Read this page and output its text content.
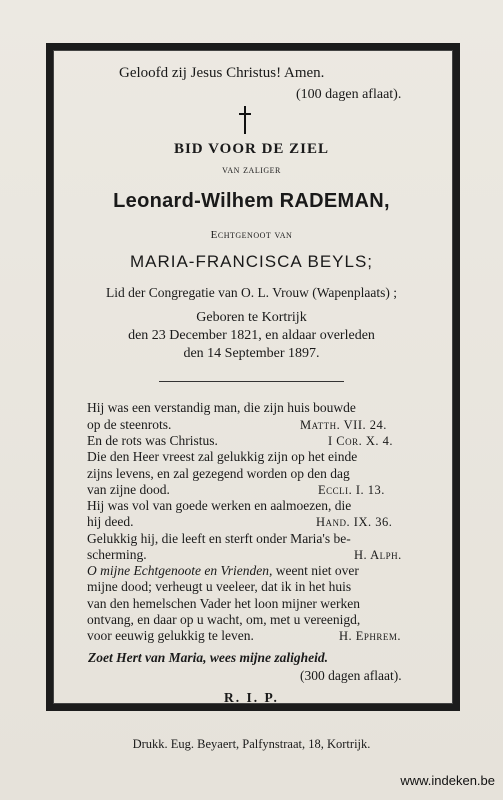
Geloofd zij Jesus Christus! Amen.
(100 dagen aflaat).
BID VOOR DE ZIEL
van zaliger
Leonard-Wilhem RADEMAN,
Echtgenoot van
MARIA-FRANCISCA BEYLS;
Lid der Congregatie van O. L. Vrouw (Wapenplaats) ;
Geboren te Kortrijk
den 23 December 1821, en aldaar overleden
den 14 September 1897.
Hij was een verstandig man, die zijn huis bouwde
op de steenrots.	Matth. VII. 24.
En de rots was Christus.	I Cor. X. 4.
Die den Heer vreest zal gelukkig zijn op het einde
zijns levens, en zal gezegend worden op den dag
van zijne dood.	Eccli. I. 13.
Hij was vol van goede werken en aalmoezen, die
hij deed.	Hand. IX. 36.
Gelukkig hij, die leeft en sterft onder Maria's be-
scherming.	H. Alph.
O mijne Echtgenoote en Vrienden, weent niet over
mijne dood; verheugt u veeleer, dat ik in het huis
van den hemelschen Vader het loon mijner werken
ontvang, en daar op u wacht, om, met u vereenigd,
voor eeuwig gelukkig te leven.	H. Ephrem.
Zoet Hert van Maria, wees mijne zaligheid.
(300 dagen aflaat).
R. I. P.
Drukk. Eug. Beyaert, Palfynstraat, 18, Kortrijk.
www.indeken.be
